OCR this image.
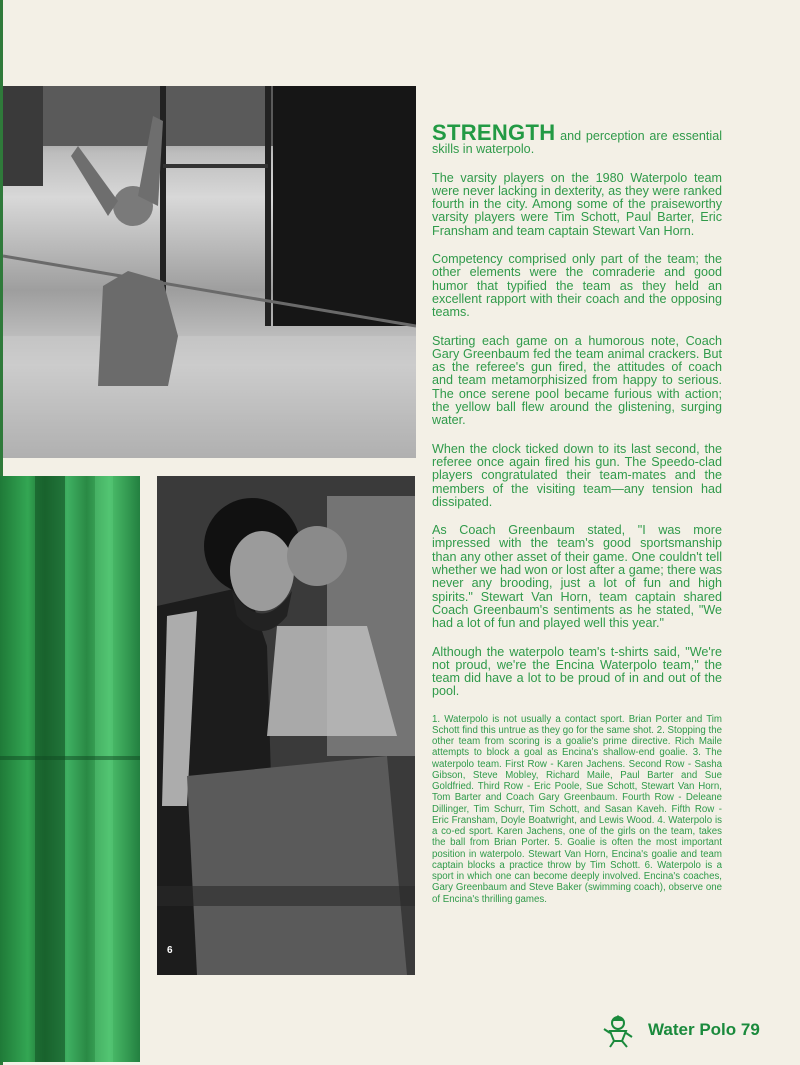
6

STRENGTH and perception are essential skills in waterpolo.

The varsity players on the 1980 Waterpolo team were never lacking in dexterity, as they were ranked fourth in the city. Among some of the praiseworthy varsity players were Tim Schott, Paul Barter, Eric Fransham and team captain Stewart Van Horn.

Competency comprised only part of the team; the other elements were the comraderie and good humor that typified the team as they held an excellent rapport with their coach and the opposing teams.

Starting each game on a humorous note, Coach Gary Greenbaum fed the team animal crackers. But as the referee's gun fired, the attitudes of coach and team metamorphisized from happy to serious. The once serene pool became furious with action; the yellow ball flew around the glistening, surging water.

When the clock ticked down to its last second, the referee once again fired his gun. The Speedo-clad players congratulated their team-mates and the members of the visiting team—any tension had dissipated.

As Coach Greenbaum stated, "I was more impressed with the team's good sportsmanship than any other asset of their game. One couldn't tell whether we had won or lost after a game; there was never any brooding, just a lot of fun and high spirits." Stewart Van Horn, team captain shared Coach Greenbaum's sentiments as he stated, "We had a lot of fun and played well this year."

Although the waterpolo team's t-shirts said, "We're not proud, we're the Encina Waterpolo team," the team did have a lot to be proud of in and out of the pool.

1. Waterpolo is not usually a contact sport. Brian Porter and Tim Schott find this untrue as they go for the same shot. 2. Stopping the other team from scoring is a goalie's prime directive. Rich Maile attempts to block a goal as Encina's shallow-end goalie. 3. The waterpolo team. First Row - Karen Jachens. Second Row - Sasha Gibson, Steve Mobley, Richard Maile, Paul Barter and Sue Goldfried. Third Row - Eric Poole, Sue Schott, Stewart Van Horn, Tom Barter and Coach Gary Greenbaum. Fourth Row - Deleane Dillinger, Tim Schurr, Tim Schott, and Sasan Kaveh. Fifth Row - Eric Fransham, Doyle Boatwright, and Lewis Wood. 4. Waterpolo is a co-ed sport. Karen Jachens, one of the girls on the team, takes the ball from Brian Porter. 5. Goalie is often the most important position in waterpolo. Stewart Van Horn, Encina's goalie and team captain blocks a practice throw by Tim Schott. 6. Waterpolo is a sport in which one can become deeply involved. Encina's coaches, Gary Greenbaum and Steve Baker (swimming coach), observe one of Encina's thrilling games.
Water Polo 79
